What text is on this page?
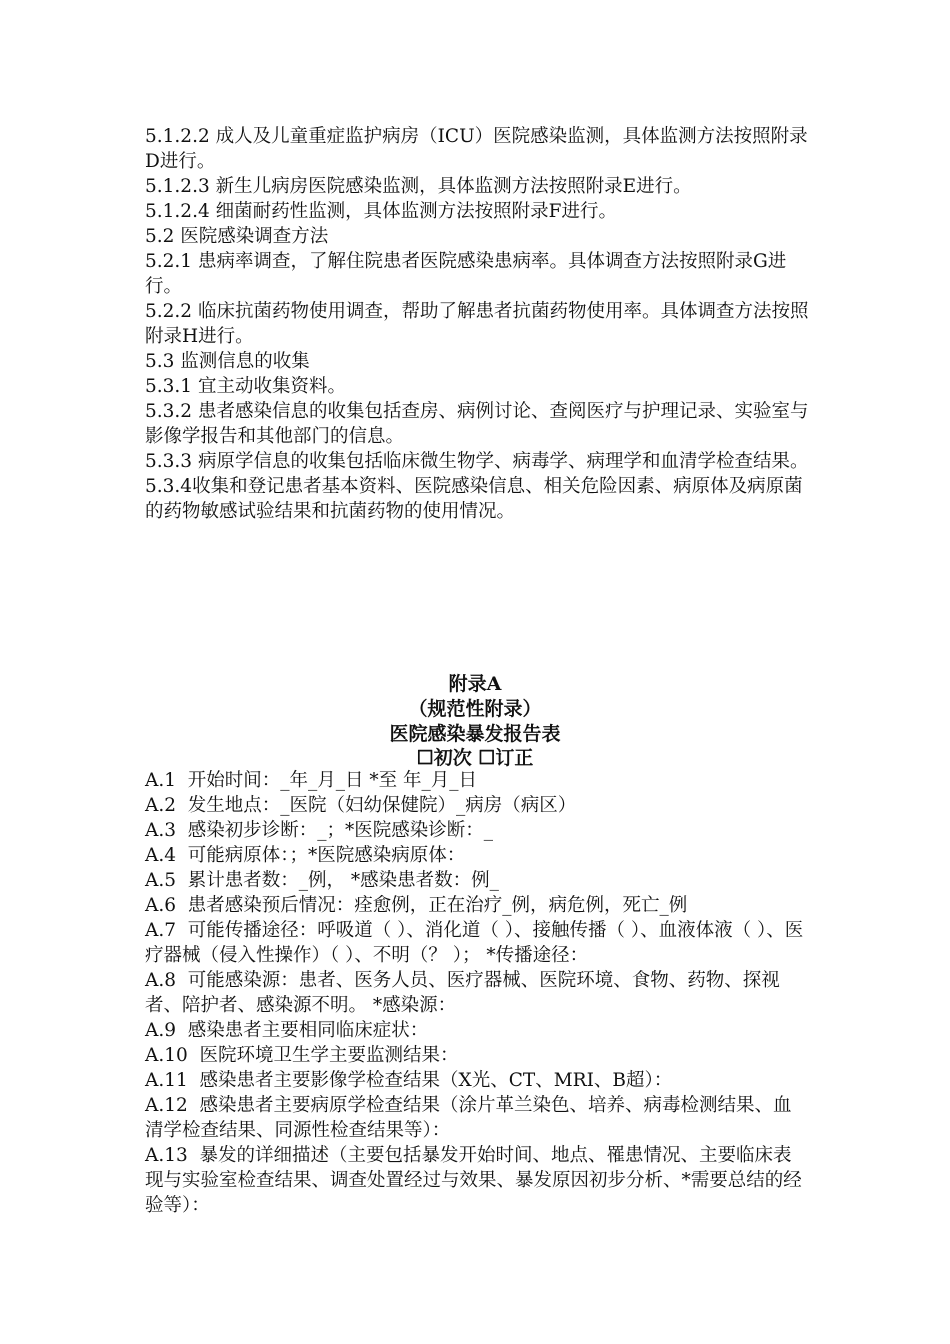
5.1.2.2 成人及儿童重症监护病房（ICU）医院感染监测，具体监测方法按照附录D进行。

5.1.2.3 新生儿病房医院感染监测，具体监测方法按照附录E进行。

5.1.2.4 细菌耐药性监测，具体监测方法按照附录F进行。

5.2 医院感染调查方法

5.2.1 患病率调查，了解住院患者医院感染患病率。具体调查方法按照附录G进行。

5.2.2 临床抗菌药物使用调查，帮助了解患者抗菌药物使用率。具体调查方法按照附录H进行。

5.3 监测信息的收集

5.3.1 宜主动收集资料。

5.3.2 患者感染信息的收集包括查房、病例讨论、查阅医疗与护理记录、实验室与影像学报告和其他部门的信息。

5.3.3 病原学信息的收集包括临床微生物学、病毒学、病理学和血清学检查结果。

5.3.4收集和登记患者基本资料、医院感染信息、相关危险因素、病原体及病原菌的药物敏感试验结果和抗菌药物的使用情况。

附录A
（规范性附录）
医院感染暴发报告表
☐初次 ☐订正

A.1  开始时间：_年_月_日 *至 年_月_日

A.2  发生地点：_医院（妇幼保健院）_病房（病区）

A.3  感染初步诊断：_；*医院感染诊断：_

A.4  可能病原体：；*医院感染病原体：

A.5  累计患者数：_例， *感染患者数：例_

A.6  患者感染预后情况：痊愈例，正在治疗_例，病危例，死亡_例

A.7  可能传播途径：呼吸道（ ）、消化道（ ）、接触传播（ ）、血液体液（ ）、医疗器械（侵入性操作）（ ）、不明（？ ）； *传播途径：

A.8  可能感染源：患者、医务人员、医疗器械、医院环境、食物、药物、探视者、陪护者、感染源不明。 *感染源：

A.9  感染患者主要相同临床症状：

A.10  医院环境卫生学主要监测结果：

A.11  感染患者主要影像学检查结果（X光、CT、MRI、B超）：

A.12  感染患者主要病原学检查结果（涂片革兰染色、培养、病毒检测结果、血清学检查结果、同源性检查结果等）：

A.13  暴发的详细描述（主要包括暴发开始时间、地点、罹患情况、主要临床表现与实验室检查结果、调查处置经过与效果、暴发原因初步分析、*需要总结的经验等）：
